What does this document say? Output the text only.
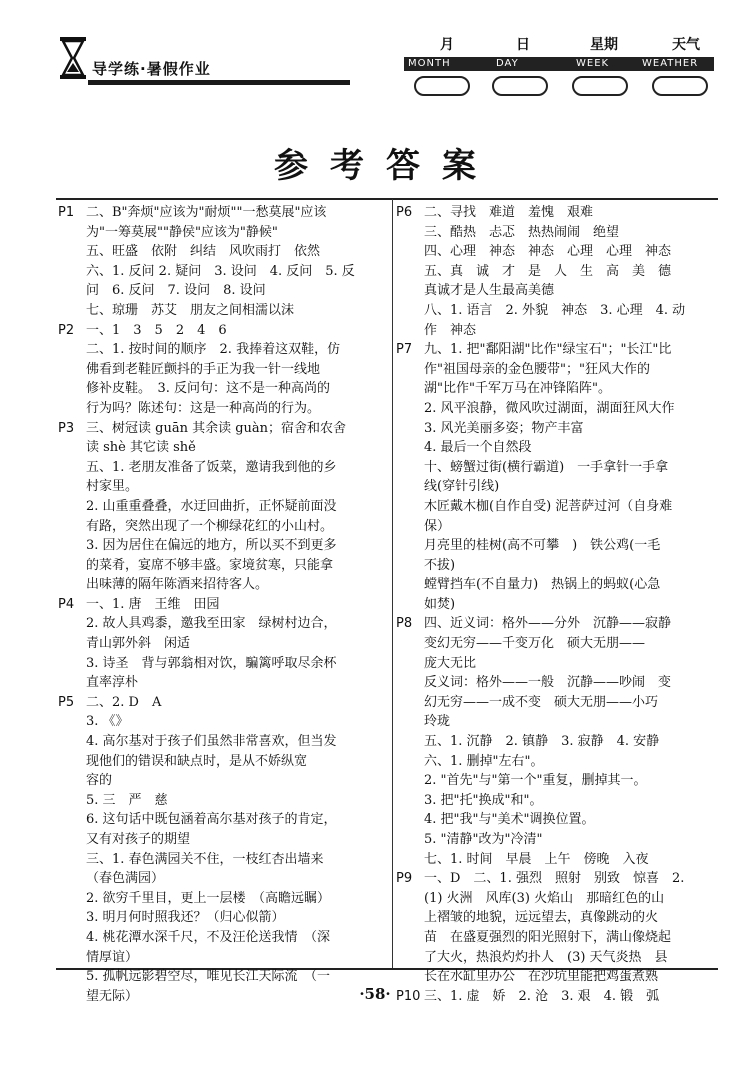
导学练·暑假作业
月	日	星期	天气
MONTH	DAY	WEEK	WEATHER
参考答案
P1 二、B"奔烦"应该为"耐烦""一愁莫展"应该
为"一筹莫展""静侯"应该为"静候"
五、旺盛　依附　纠结　风吹雨打　依然
六、1. 反问 2. 疑问　3. 设问　4. 反问　5. 反
问　6. 反问　7. 设问　8. 设问
七、琼珊　苏艾　朋友之间相濡以沫
P2 一、1　3　5　2　4　6
二、1. 按时间的顺序　2. 我捧着这双鞋，仿
佛看到老鞋匠颤抖的手正为我一针一线地
修补皮鞋。　3. 反问句：这不是一种高尚的
行为吗？陈述句：这是一种高尚的行为。
P3 三、树冠读 guān 其余读 guàn；宿舍和农舍
读 shè 其它读 shě
五、1. 老朋友准备了饭菜，邀请我到他的乡
村家里。
2. 山重重叠叠，水迂回曲折，正怀疑前面没
有路，突然出现了一个柳绿花红的小山村。
3. 因为居住在偏远的地方，所以买不到更多
的菜肴，宴席不够丰盛。家境贫寒，只能拿
出味薄的隔年陈酒来招待客人。
P4 一、1. 唐　王维　田园
2. 故人具鸡黍，邀我至田家　绿树村边合，
青山郭外斜　闲适
3. 诗圣　背与郭翁相对饮，騙篱呼取尽余杯
直率淳朴
P5 二、2. D　A
3. 《》
4. 高尔基对于孩子们虽然非常喜欢，但当发
现他们的错误和缺点时，是从不娇纵宽
容的
5. 三　严　慈
6. 这句话中既包涵着高尔基对孩子的肯定，
又有对孩子的期望
三、1. 春色满园关不住，一枝红杏出墙来
（春色满园）
2. 欲穷千里目，更上一层楼　（高瞻远瞩）
3. 明月何时照我还？（归心似箭）
4. 桃花潭水深千尺，不及汪伦送我情　（深
情厚谊）
5. 孤帆远影碧空尽，唯见长江天际流　（一
望无际）
P6 二、寻找　难道　羞愧　艰难
三、酷热　忐忑　热热闹闹　绝望
四、心理　神态　神态　心理　心理　神态
五、真　诚　才　是　人　生　高　美　德
真诚才是人生最高美德
八、1. 语言　2. 外貌　神态　3. 心理　4. 动
作　神态
P7 九、1. 把"鄱阳湖"比作"绿宝石"；"长江"比
作"祖国母亲的金色腰带"；"狂风大作的
湖"比作"千军万马在冲锋陷阵"。
2. 风平浪静，微风吹过湖面，湖面狂风大作
3. 风光美丽多姿；物产丰富
4. 最后一个自然段
十、螃蟹过街(横行霸道)　一手拿针一手拿
线(穿针引线)
木匠戴木枷(自作自受) 泥菩萨过河（自身难
保）
月亮里的桂树(高不可攀　)　铁公鸡(一毛
不拔)
螳臂挡车(不自量力)　热锅上的蚂蚁(心急
如焚)
P8 四、近义词：格外——分外　沉静——寂静
变幻无穷——千变万化　硕大无朋——
庞大无比
反义词：格外——一般　沉静——吵闹　变
幻无穷——一成不变　硕大无朋——小巧
玲珑
五、1. 沉静　2. 镇静　3. 寂静　4. 安静
六、1. 删掉"左右"。
2. "首先"与"第一个"重复，删掉其一。
3. 把"托"换成"和"。
4. 把"我"与"美术"调换位置。
5. "清静"改为"冷清"
七、1. 时间　早晨　上午　傍晚　入夜
P9 一、D　二、1. 强烈　照射　别致　惊喜　2.
(1) 火洲　风库(3) 火焰山　那暗红色的山
上褶皱的地貌，远远望去，真像跳动的火
苗　在盛夏强烈的阳光照射下，满山像烧起
了大火，热浪灼灼扑人　(3) 天气炎热　县
长在水缸里办公　在沙坑里能把鸡蛋煮熟
P10 三、1. 虚　娇　2. 沧　3. 艰　4. 锻　弧
·58·
